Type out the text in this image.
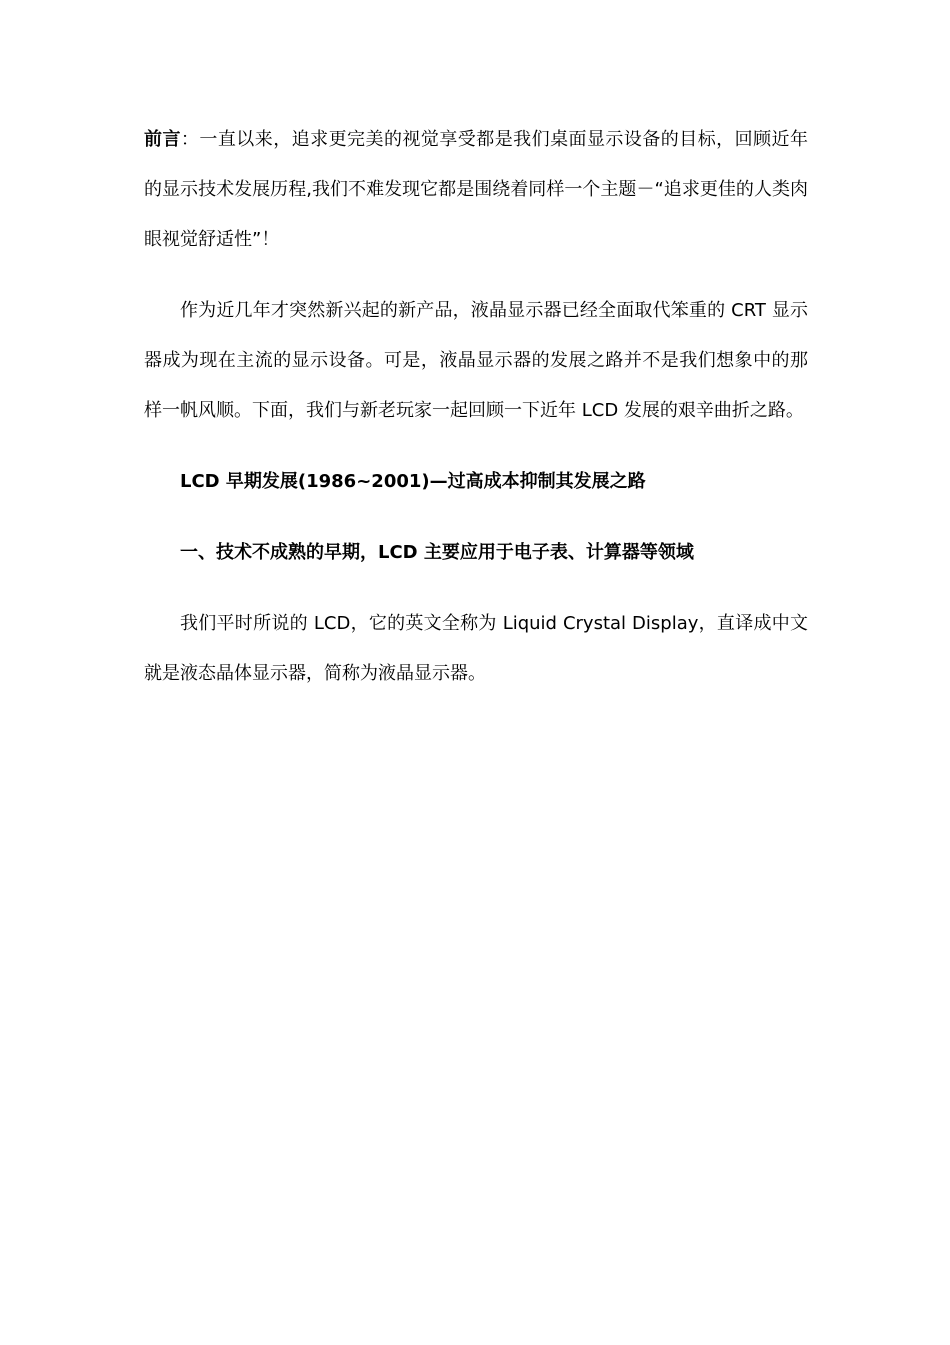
前言：一直以来，追求更完美的视觉享受都是我们桌面显示设备的目标，回顾近年的显示技术发展历程,我们不难发现它都是围绕着同样一个主题－“追求更佳的人类肉眼视觉舒适性”！

作为近几年才突然新兴起的新产品，液晶显示器已经全面取代笨重的 CRT 显示器成为现在主流的显示设备。可是，液晶显示器的发展之路并不是我们想象中的那样一帆风顺。下面，我们与新老玩家一起回顾一下近年 LCD 发展的艰辛曲折之路。

LCD 早期发展(1986~2001)—过高成本抑制其发展之路

一、技术不成熟的早期，LCD 主要应用于电子表、计算器等领域

我们平时所说的 LCD，它的英文全称为 Liquid Crystal Display，直译成中文就是液态晶体显示器，简称为液晶显示器。
